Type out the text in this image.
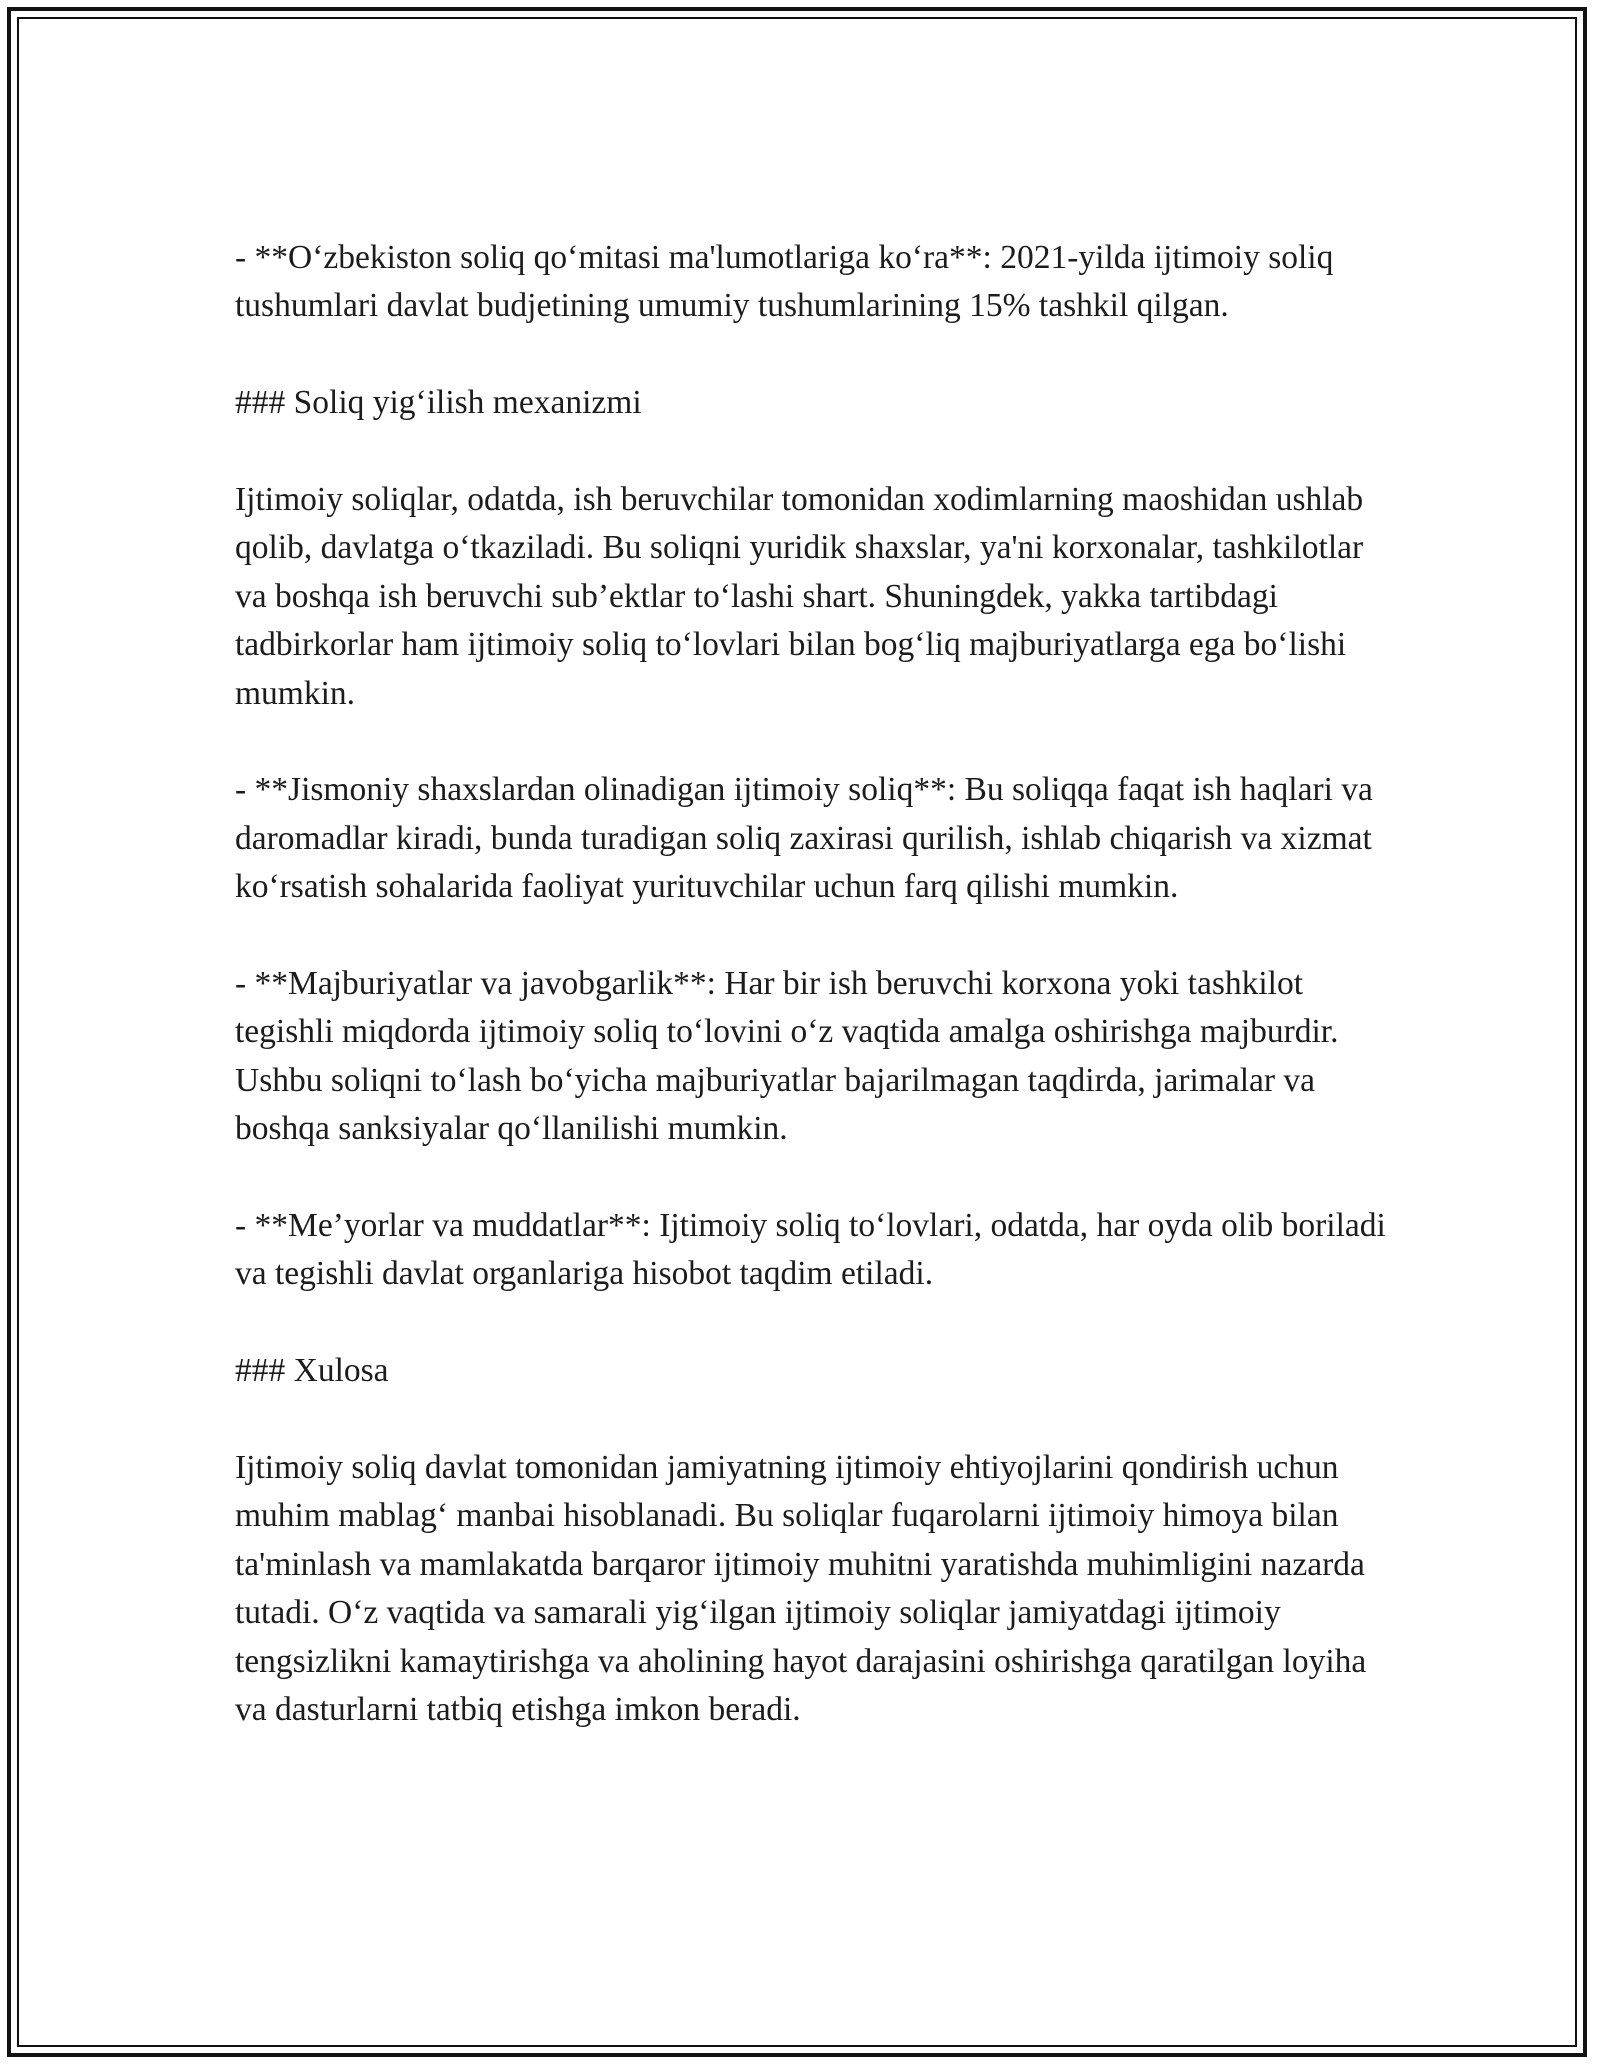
- **O‘zbekiston soliq qo‘mitasi ma'lumotlariga ko‘ra**: 2021-yilda ijtimoiy soliq tushumlari davlat budjetining umumiy tushumlarining 15% tashkil qilgan.

### Soliq yig‘ilish mexanizmi

Ijtimoiy soliqlar, odatda, ish beruvchilar tomonidan xodimlarning maoshidan ushlab qolib, davlatga o‘tkaziladi. Bu soliqni yuridik shaxslar, ya'ni korxonalar, tashkilotlar va boshqa ish beruvchi sub’ektlar to‘lashi shart. Shuningdek, yakka tartibdagi tadbirkorlar ham ijtimoiy soliq to‘lovlari bilan bog‘liq majburiyatlarga ega bo‘lishi mumkin.

- **Jismoniy shaxslardan olinadigan ijtimoiy soliq**: Bu soliqqa faqat ish haqlari va daromadlar kiradi, bunda turadigan soliq zaxirasi qurilish, ishlab chiqarish va xizmat ko‘rsatish sohalarida faoliyat yurituvchilar uchun farq qilishi mumkin.

- **Majburiyatlar va javobgarlik**: Har bir ish beruvchi korxona yoki tashkilot tegishli miqdorda ijtimoiy soliq to‘lovini o‘z vaqtida amalga oshirishga majburdir. Ushbu soliqni to‘lash bo‘yicha majburiyatlar bajarilmagan taqdirda, jarimalar va boshqa sanksiyalar qo‘llanilishi mumkin.

- **Me’yorlar va muddatlar**: Ijtimoiy soliq to‘lovlari, odatda, har oyda olib boriladi va tegishli davlat organlariga hisobot taqdim etiladi.

### Xulosa

Ijtimoiy soliq davlat tomonidan jamiyatning ijtimoiy ehtiyojlarini qondirish uchun muhim mablag‘ manbai hisoblanadi. Bu soliqlar fuqarolarni ijtimoiy himoya bilan ta'minlash va mamlakatda barqaror ijtimoiy muhitni yaratishda muhimligini nazarda tutadi. O‘z vaqtida va samarali yig‘ilgan ijtimoiy soliqlar jamiyatdagi ijtimoiy tengsizlikni kamaytirishga va aholining hayot darajasini oshirishga qaratilgan loyiha va dasturlarni tatbiq etishga imkon beradi.
